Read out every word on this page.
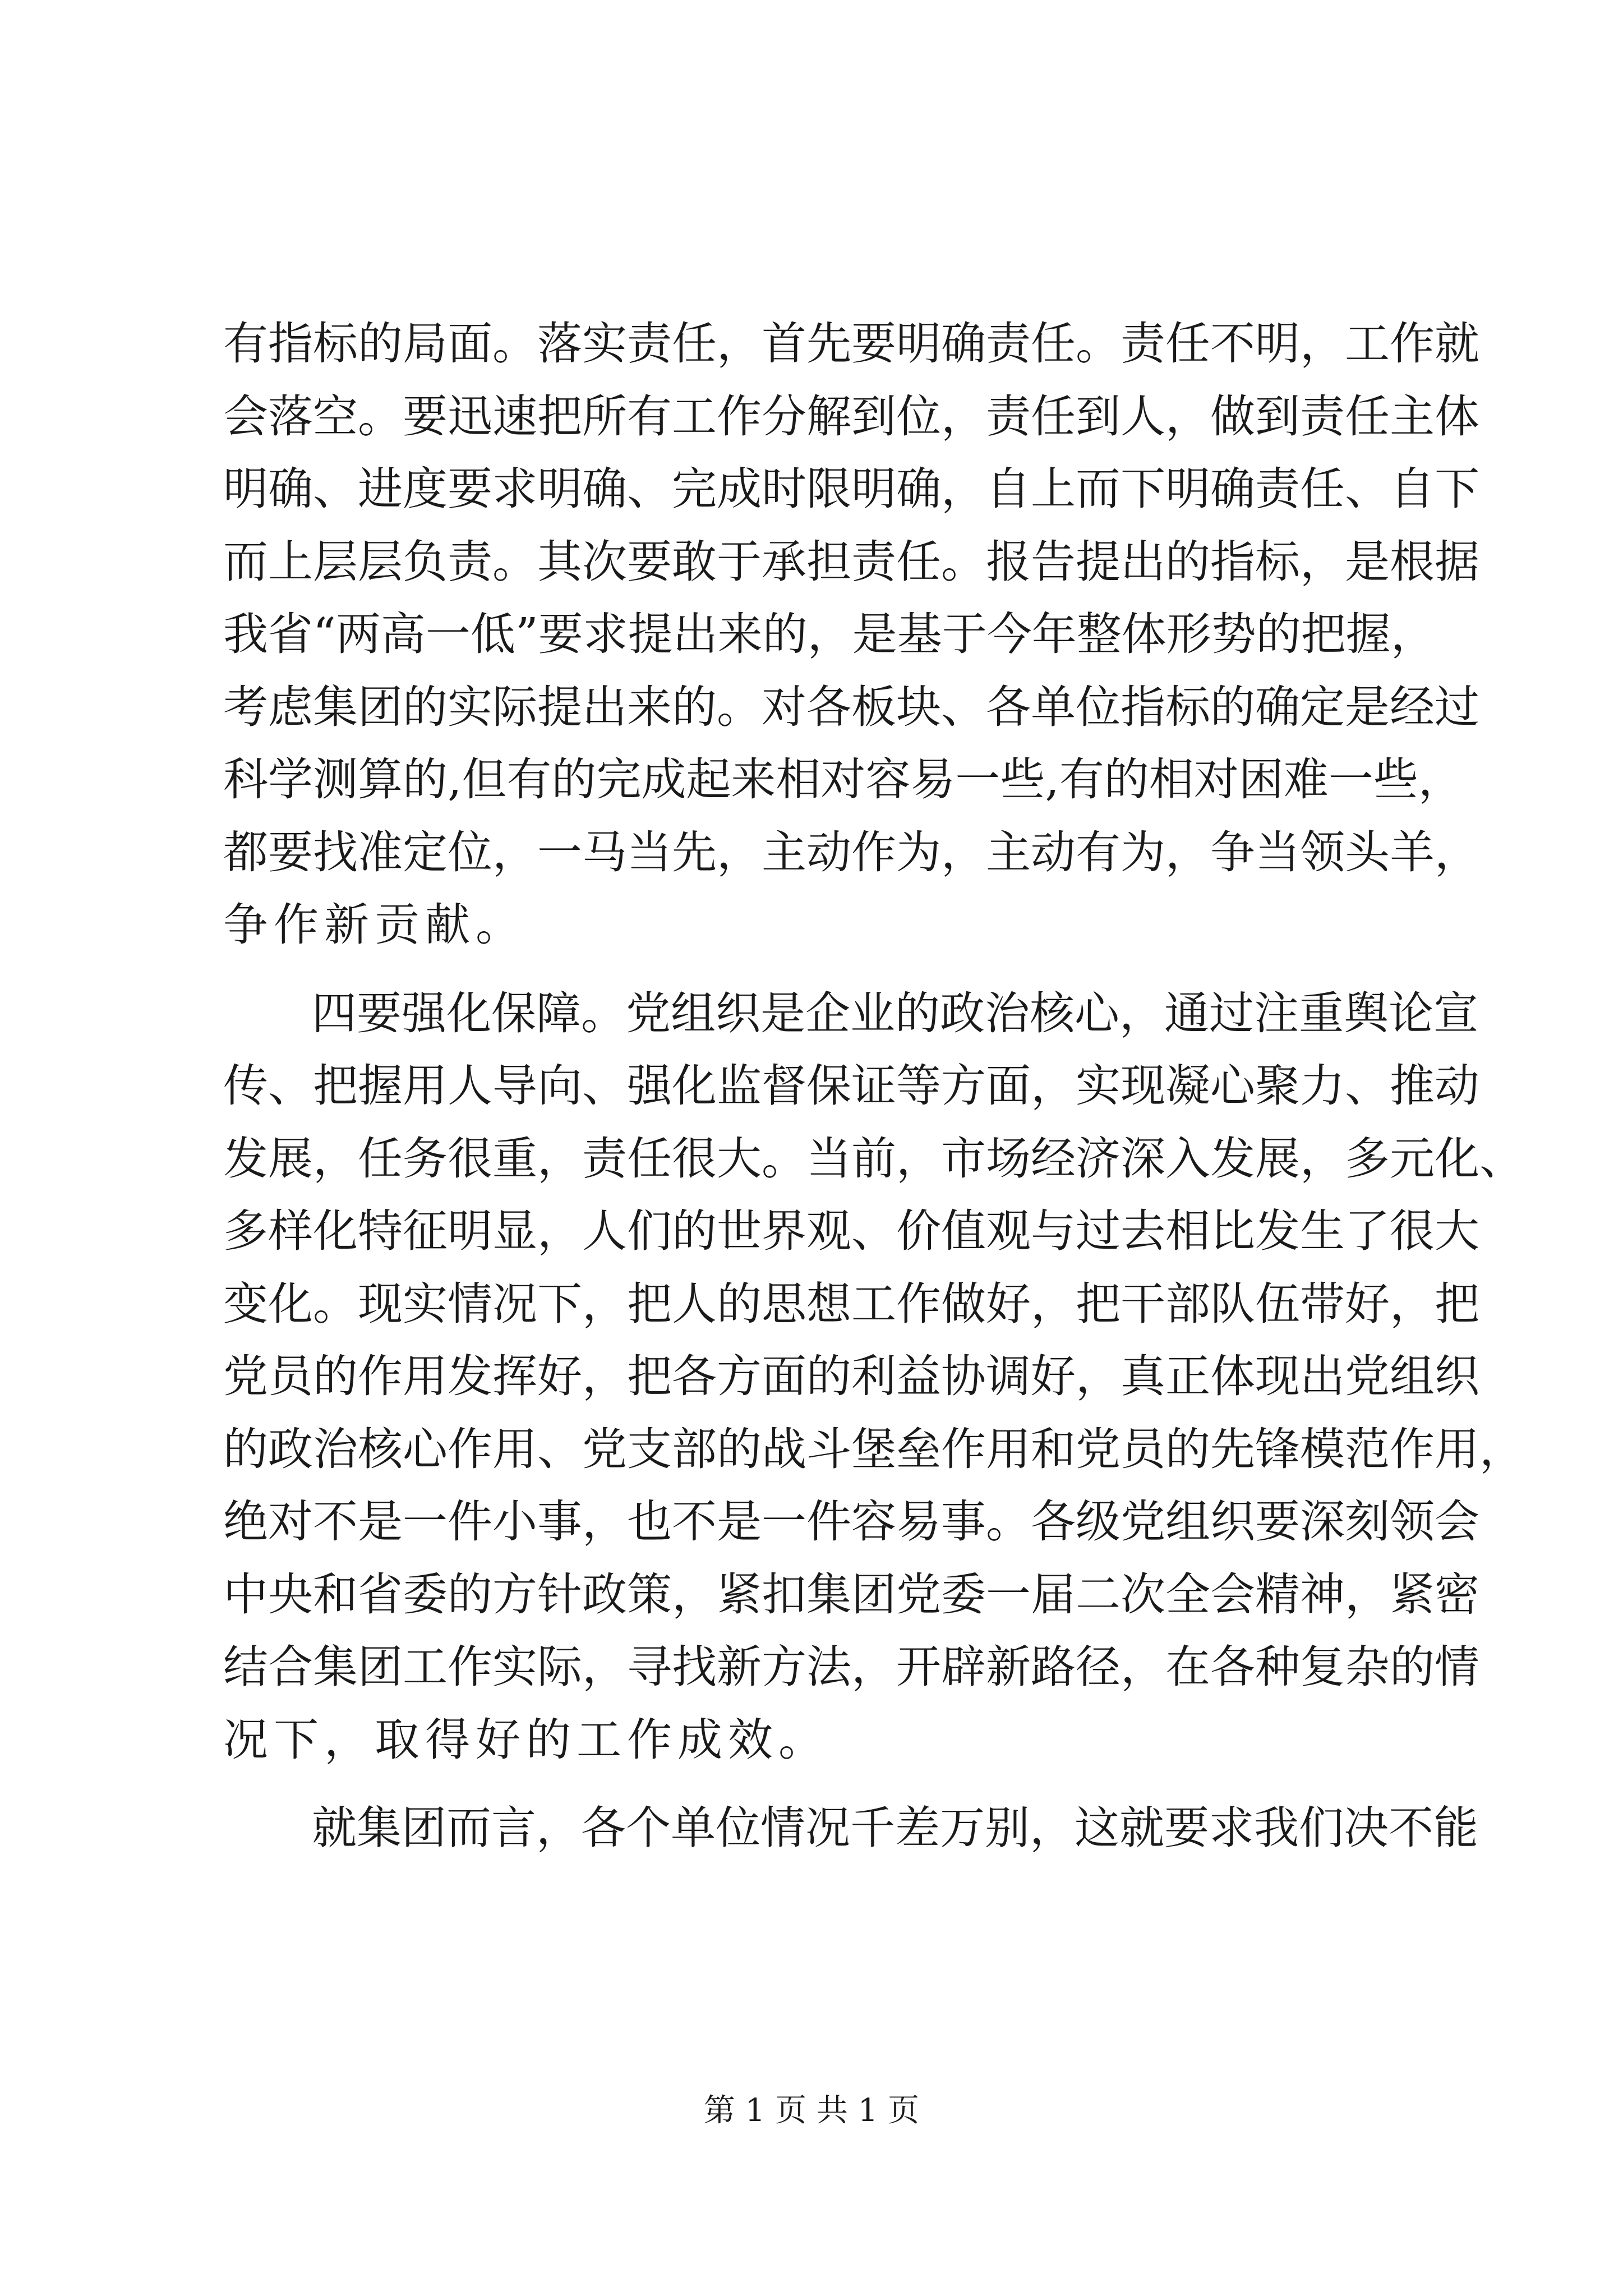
有指标的局面。落实责任，首先要明确责任。责任不明，工作就
会落空。要迅速把所有工作分解到位，责任到人，做到责任主体
明确、进度要求明确、完成时限明确，自上而下明确责任、自下
而上层层负责。其次要敢于承担责任。报告提出的指标，是根据
我省“两高一低”要求提出来的，是基于今年整体形势的把握，
考虑集团的实际提出来的。对各板块、各单位指标的确定是经过
科学测算的,但有的完成起来相对容易一些,有的相对困难一些，
都要找准定位，一马当先，主动作为，主动有为，争当领头羊，
争作新贡献。
四要强化保障。党组织是企业的政治核心，通过注重舆论宣
传、把握用人导向、强化监督保证等方面，实现凝心聚力、推动
发展，任务很重，责任很大。当前，市场经济深入发展，多元化、
多样化特征明显，人们的世界观、价值观与过去相比发生了很大
变化。现实情况下，把人的思想工作做好，把干部队伍带好，把
党员的作用发挥好，把各方面的利益协调好，真正体现出党组织
的政治核心作用、党支部的战斗堡垒作用和党员的先锋模范作用，
绝对不是一件小事，也不是一件容易事。各级党组织要深刻领会
中央和省委的方针政策，紧扣集团党委一届二次全会精神，紧密
结合集团工作实际，寻找新方法，开辟新路径，在各种复杂的情
况下，取得好的工作成效。
就集团而言，各个单位情况千差万别，这就要求我们决不能
第 1 页 共 1 页
